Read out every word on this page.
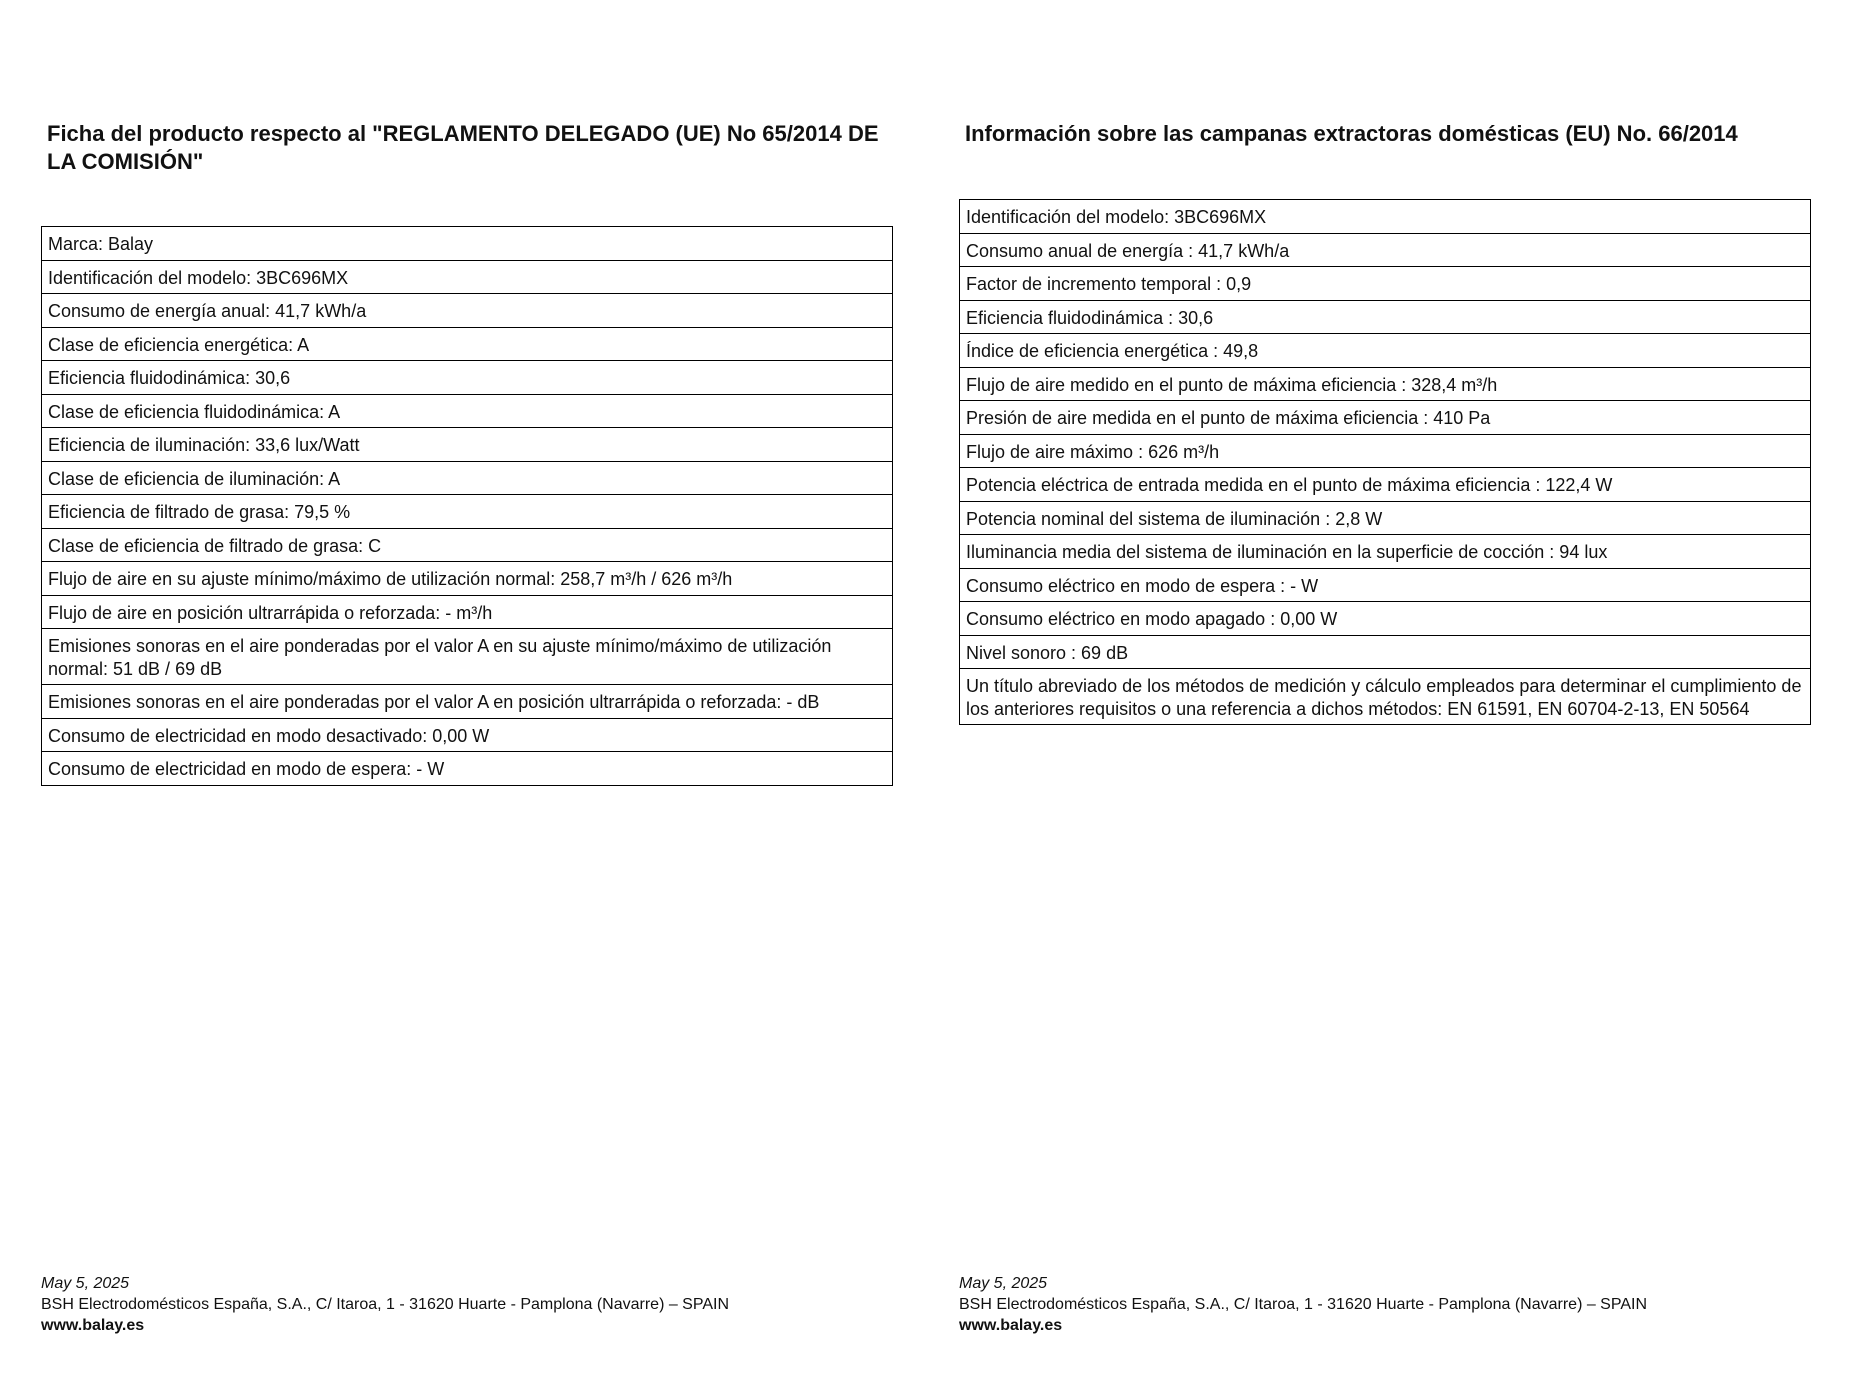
Ficha del producto respecto al "REGLAMENTO DELEGADO (UE) No 65/2014 DE LA COMISIÓN"
Marca: Balay
Identificación del modelo: 3BC696MX
Consumo de energía anual: 41,7 kWh/a
Clase de eficiencia energética: A
Eficiencia fluidodinámica: 30,6
Clase de eficiencia fluidodinámica: A
Eficiencia de iluminación: 33,6 lux/Watt
Clase de eficiencia de iluminación: A
Eficiencia de filtrado de grasa: 79,5 %
Clase de eficiencia de filtrado de grasa: C
Flujo de aire en su ajuste mínimo/máximo de utilización normal: 258,7 m³/h / 626 m³/h
Flujo de aire en posición ultrarrápida o reforzada: - m³/h
Emisiones sonoras en el aire ponderadas por el valor A en su ajuste mínimo/máximo de utilización normal: 51 dB / 69 dB
Emisiones sonoras en el aire ponderadas por el valor A en posición ultrarrápida o reforzada: - dB
Consumo de electricidad en modo desactivado: 0,00 W
Consumo de electricidad en modo de espera: - W
May 5, 2025
BSH Electrodomésticos España, S.A., C/ Itaroa, 1 - 31620 Huarte - Pamplona (Navarre) – SPAIN
www.balay.es
Información sobre las campanas extractoras domésticas (EU) No. 66/2014
Identificación del modelo: 3BC696MX
Consumo anual de energía : 41,7 kWh/a
Factor de incremento temporal : 0,9
Eficiencia fluidodinámica : 30,6
Índice de eficiencia energética : 49,8
Flujo de aire medido en el punto de máxima eficiencia : 328,4 m³/h
Presión de aire medida en el punto de máxima eficiencia : 410 Pa
Flujo de aire máximo : 626 m³/h
Potencia eléctrica de entrada medida en el punto de máxima eficiencia : 122,4 W
Potencia nominal del sistema de iluminación : 2,8 W
Iluminancia media del sistema de iluminación en la superficie de cocción : 94 lux
Consumo eléctrico en modo de espera : - W
Consumo eléctrico en modo apagado : 0,00 W
Nivel sonoro : 69 dB
Un título abreviado de los métodos de medición y cálculo empleados para determinar el cumplimiento de los anteriores requisitos o una referencia a dichos métodos: EN 61591, EN 60704-2-13, EN 50564
May 5, 2025
BSH Electrodomésticos España, S.A., C/ Itaroa, 1 - 31620 Huarte - Pamplona (Navarre) – SPAIN
www.balay.es
